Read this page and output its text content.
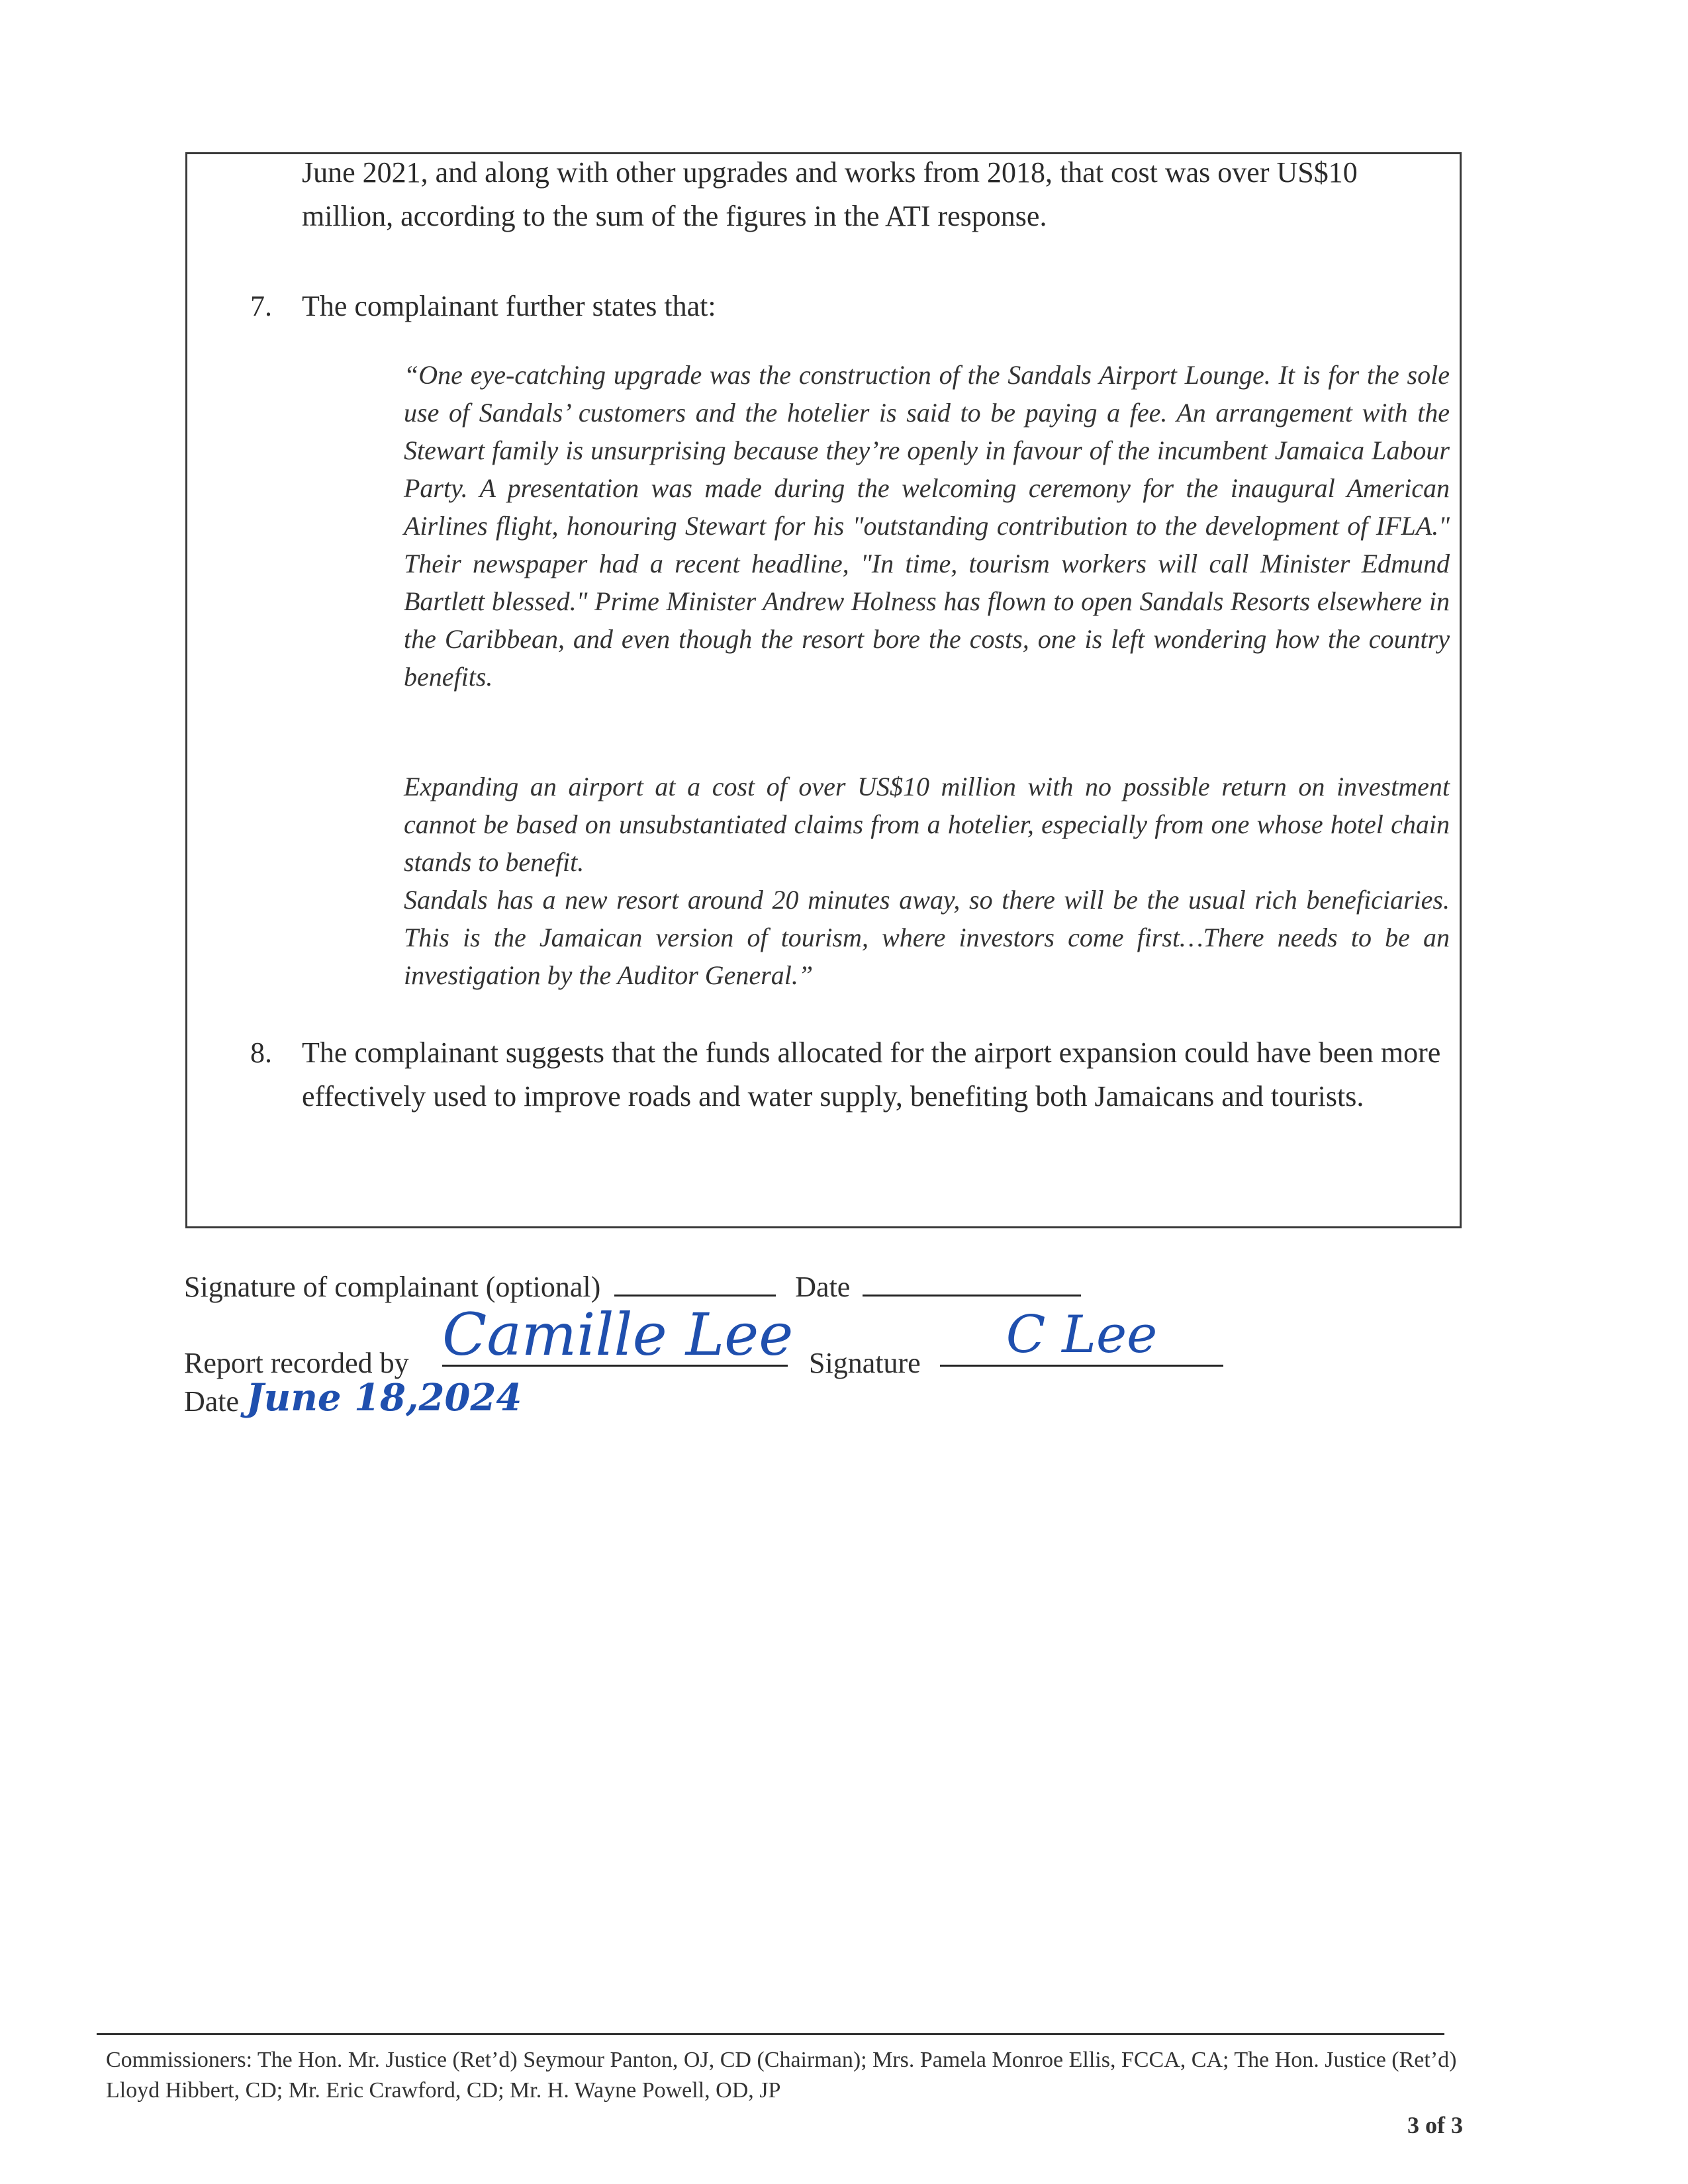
June 2021, and along with other upgrades and works from 2018, that cost was over US$10 million, according to the sum of the figures in the ATI response.
7. The complainant further states that:
“One eye-catching upgrade was the construction of the Sandals Airport Lounge. It is for the sole use of Sandals’ customers and the hotelier is said to be paying a fee. An arrangement with the Stewart family is unsurprising because they’re openly in favour of the incumbent Jamaica Labour Party. A presentation was made during the welcoming ceremony for the inaugural American Airlines flight, honouring Stewart for his "outstanding contribution to the development of IFLA." Their newspaper had a recent headline, "In time, tourism workers will call Minister Edmund Bartlett blessed." Prime Minister Andrew Holness has flown to open Sandals Resorts elsewhere in the Caribbean, and even though the resort bore the costs, one is left wondering how the country benefits.
Expanding an airport at a cost of over US$10 million with no possible return on investment cannot be based on unsubstantiated claims from a hotelier, especially from one whose hotel chain stands to benefit.
Sandals has a new resort around 20 minutes away, so there will be the usual rich beneficiaries. This is the Jamaican version of tourism, where investors come first…There needs to be an investigation by the Auditor General.”
8. The complainant suggests that the funds allocated for the airport expansion could have been more effectively used to improve roads and water supply, benefiting both Jamaicans and tourists.
Signature of complainant (optional)	Date
Report recorded by Camille Lee Signature	C Lee
Date June 18,2024
Commissioners: The Hon. Mr. Justice (Ret’d) Seymour Panton, OJ, CD (Chairman); Mrs. Pamela Monroe Ellis, FCCA, CA; The Hon. Justice (Ret’d) Lloyd Hibbert, CD; Mr. Eric Crawford, CD; Mr. H. Wayne Powell, OD, JP
3 of 3
